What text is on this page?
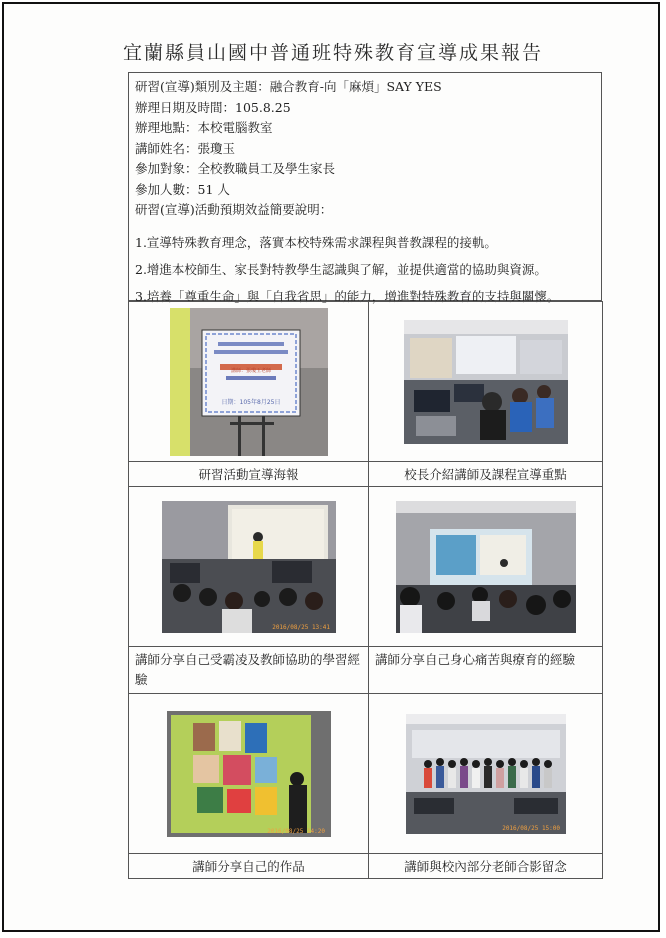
宜蘭縣員山國中普通班特殊教育宣導成果報告
研習(宣導)類別及主題：融合教育-向「麻煩」SAY YES
辦理日期及時間：105.8.25
辦理地點：本校電腦教室
講師姓名：張瓊玉
參加對象：全校教職員工及學生家長
參加人數：51 人
研習(宣導)活動預期效益簡要說明：
1.宣導特殊教育理念，落實本校特殊需求課程與普教課程的接軌。
2.增進本校師生、家長對特教學生認識與了解，並提供適當的協助與資源。
3.培養「尊重生命」與「自我省思」的能力，增進對特殊教育的支持與關懷。
日期：105年8月25日
講師：張瓊玉老師

研習活動宣導海報	校長介紹講師及課程宣導重點

2016/08/25 13:41

講師分享自己受霸凌及教師協助的學習經驗	講師分享自己身心痛苦與療育的經驗

2016/08/25 14:20	2016/08/25 15:00

講師分享自己的作品	講師與校內部分老師合影留念
